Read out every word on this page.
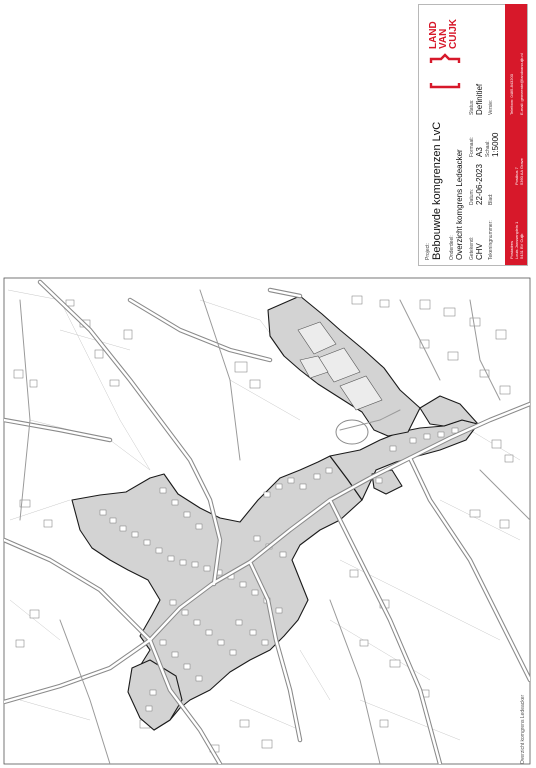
Project: Bebouwde komgrenzen LvC Onderdeel: Overzicht komgrens Ledeacker Getekend: CHV Tekeningnummer:
Datum: 22-06-2023 Blad:
Formaat: A3 Schaal: 1:5000
Status: Definitief Versie:
LAND VAN CUIJK
Postadres Louis Janssenplein 1 5431 BV Cuijk
Postbus 7 5360 AA Grave
Telefoon: 0485-843200 E-mail: gemeente@landvancuijk.nl
Overzicht komgrens Ledeacker
